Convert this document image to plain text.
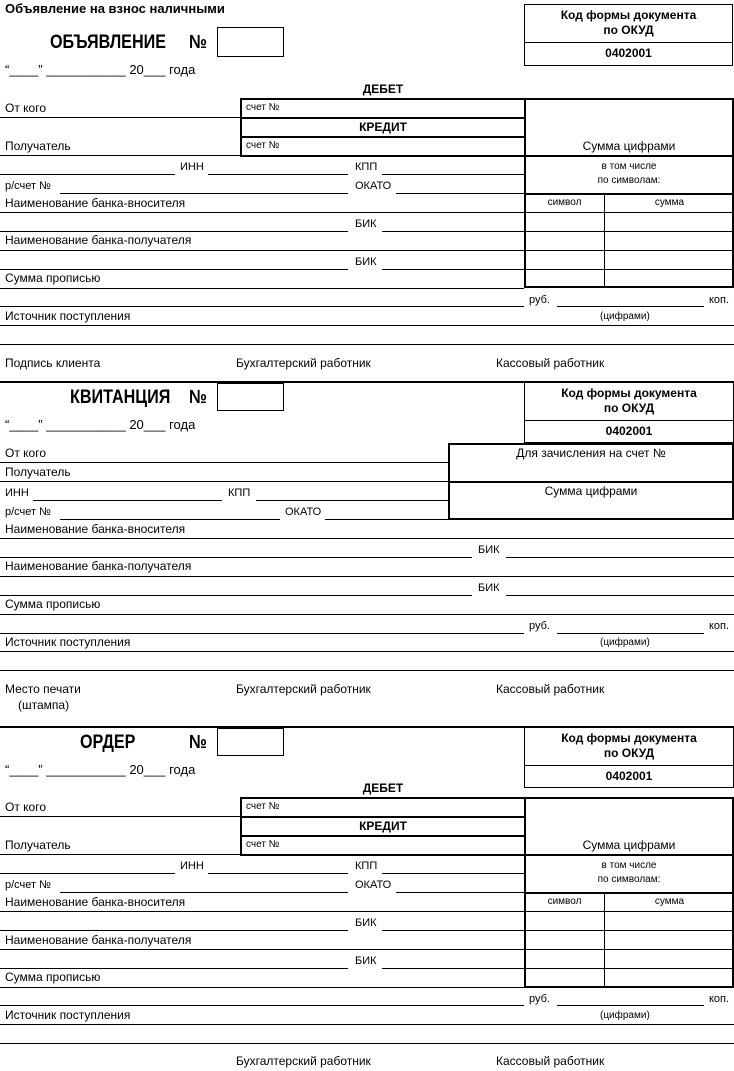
Объявление на взнос наличными
ОБЪЯВЛЕНИЕ №
“____” ___________ 20___ года
Код формы документа
по ОКУД
0402001
ДЕБЕТ
От кого	счет №
КРЕДИТ
Получатель	счет №	Сумма цифрами
в том числе
по символам:
символ	сумма
ИНН	КПП
р/счет №	ОКАТО
Наименование банка-вносителя
БИК
Наименование банка-получателя
БИК
Сумма прописью
руб.	коп.
Источник поступления	(цифрами)
Подпись клиента	Бухгалтерский работник	Кассовый работник
КВИТАНЦИЯ №
“____” ___________ 20___ года
Код формы документа
по ОКУД
0402001
От кого
Получатель
Для зачисления на счет №
Сумма цифрами
ИНН	КПП
р/счет №	ОКАТО
Наименование банка-вносителя
БИК
Наименование банка-получателя
БИК
Сумма прописью
руб.	коп.
Источник поступления	(цифрами)
Место печати
(штампа)
Бухгалтерский работник	Кассовый работник
ОРДЕР	№
“____” ___________ 20___ года
Код формы документа
по ОКУД
0402001
ДЕБЕТ
От кого	счет №
КРЕДИТ
Получатель	счет №	Сумма цифрами
в том числе
по символам:
символ	сумма
ИНН	КПП
р/счет №	ОКАТО
Наименование банка-вносителя
БИК
Наименование банка-получателя
БИК
Сумма прописью
руб.	коп.
Источник поступления	(цифрами)
Бухгалтерский работник	Кассовый работник
